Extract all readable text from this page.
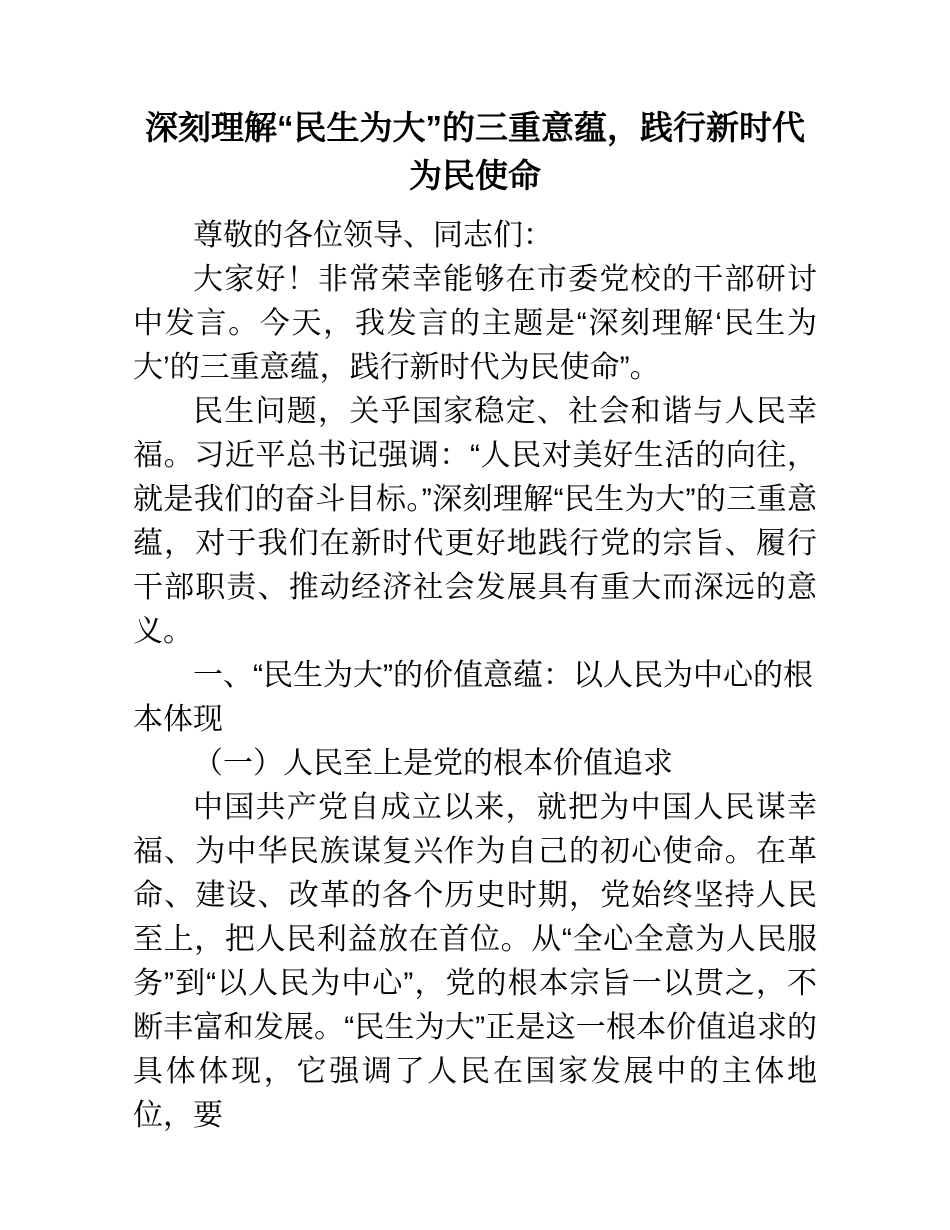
深刻理解“民生为大”的三重意蕴，践行新时代为民使命

尊敬的各位领导、同志们：

大家好！非常荣幸能够在市委党校的干部研讨中发言。今天，我发言的主题是“深刻理解‘民生为大’的三重意蕴，践行新时代为民使命”。

民生问题，关乎国家稳定、社会和谐与人民幸福。习近平总书记强调：“人民对美好生活的向往，就是我们的奋斗目标。”深刻理解“民生为大”的三重意蕴，对于我们在新时代更好地践行党的宗旨、履行干部职责、推动经济社会发展具有重大而深远的意义。

一、“民生为大”的价值意蕴：以人民为中心的根本体现

（一）人民至上是党的根本价值追求

中国共产党自成立以来，就把为中国人民谋幸福、为中华民族谋复兴作为自己的初心使命。在革命、建设、改革的各个历史时期，党始终坚持人民至上，把人民利益放在首位。从“全心全意为人民服务”到“以人民为中心”，党的根本宗旨一以贯之，不断丰富和发展。“民生为大”正是这一根本价值追求的具体体现，它强调了人民在国家发展中的主体地位，要
